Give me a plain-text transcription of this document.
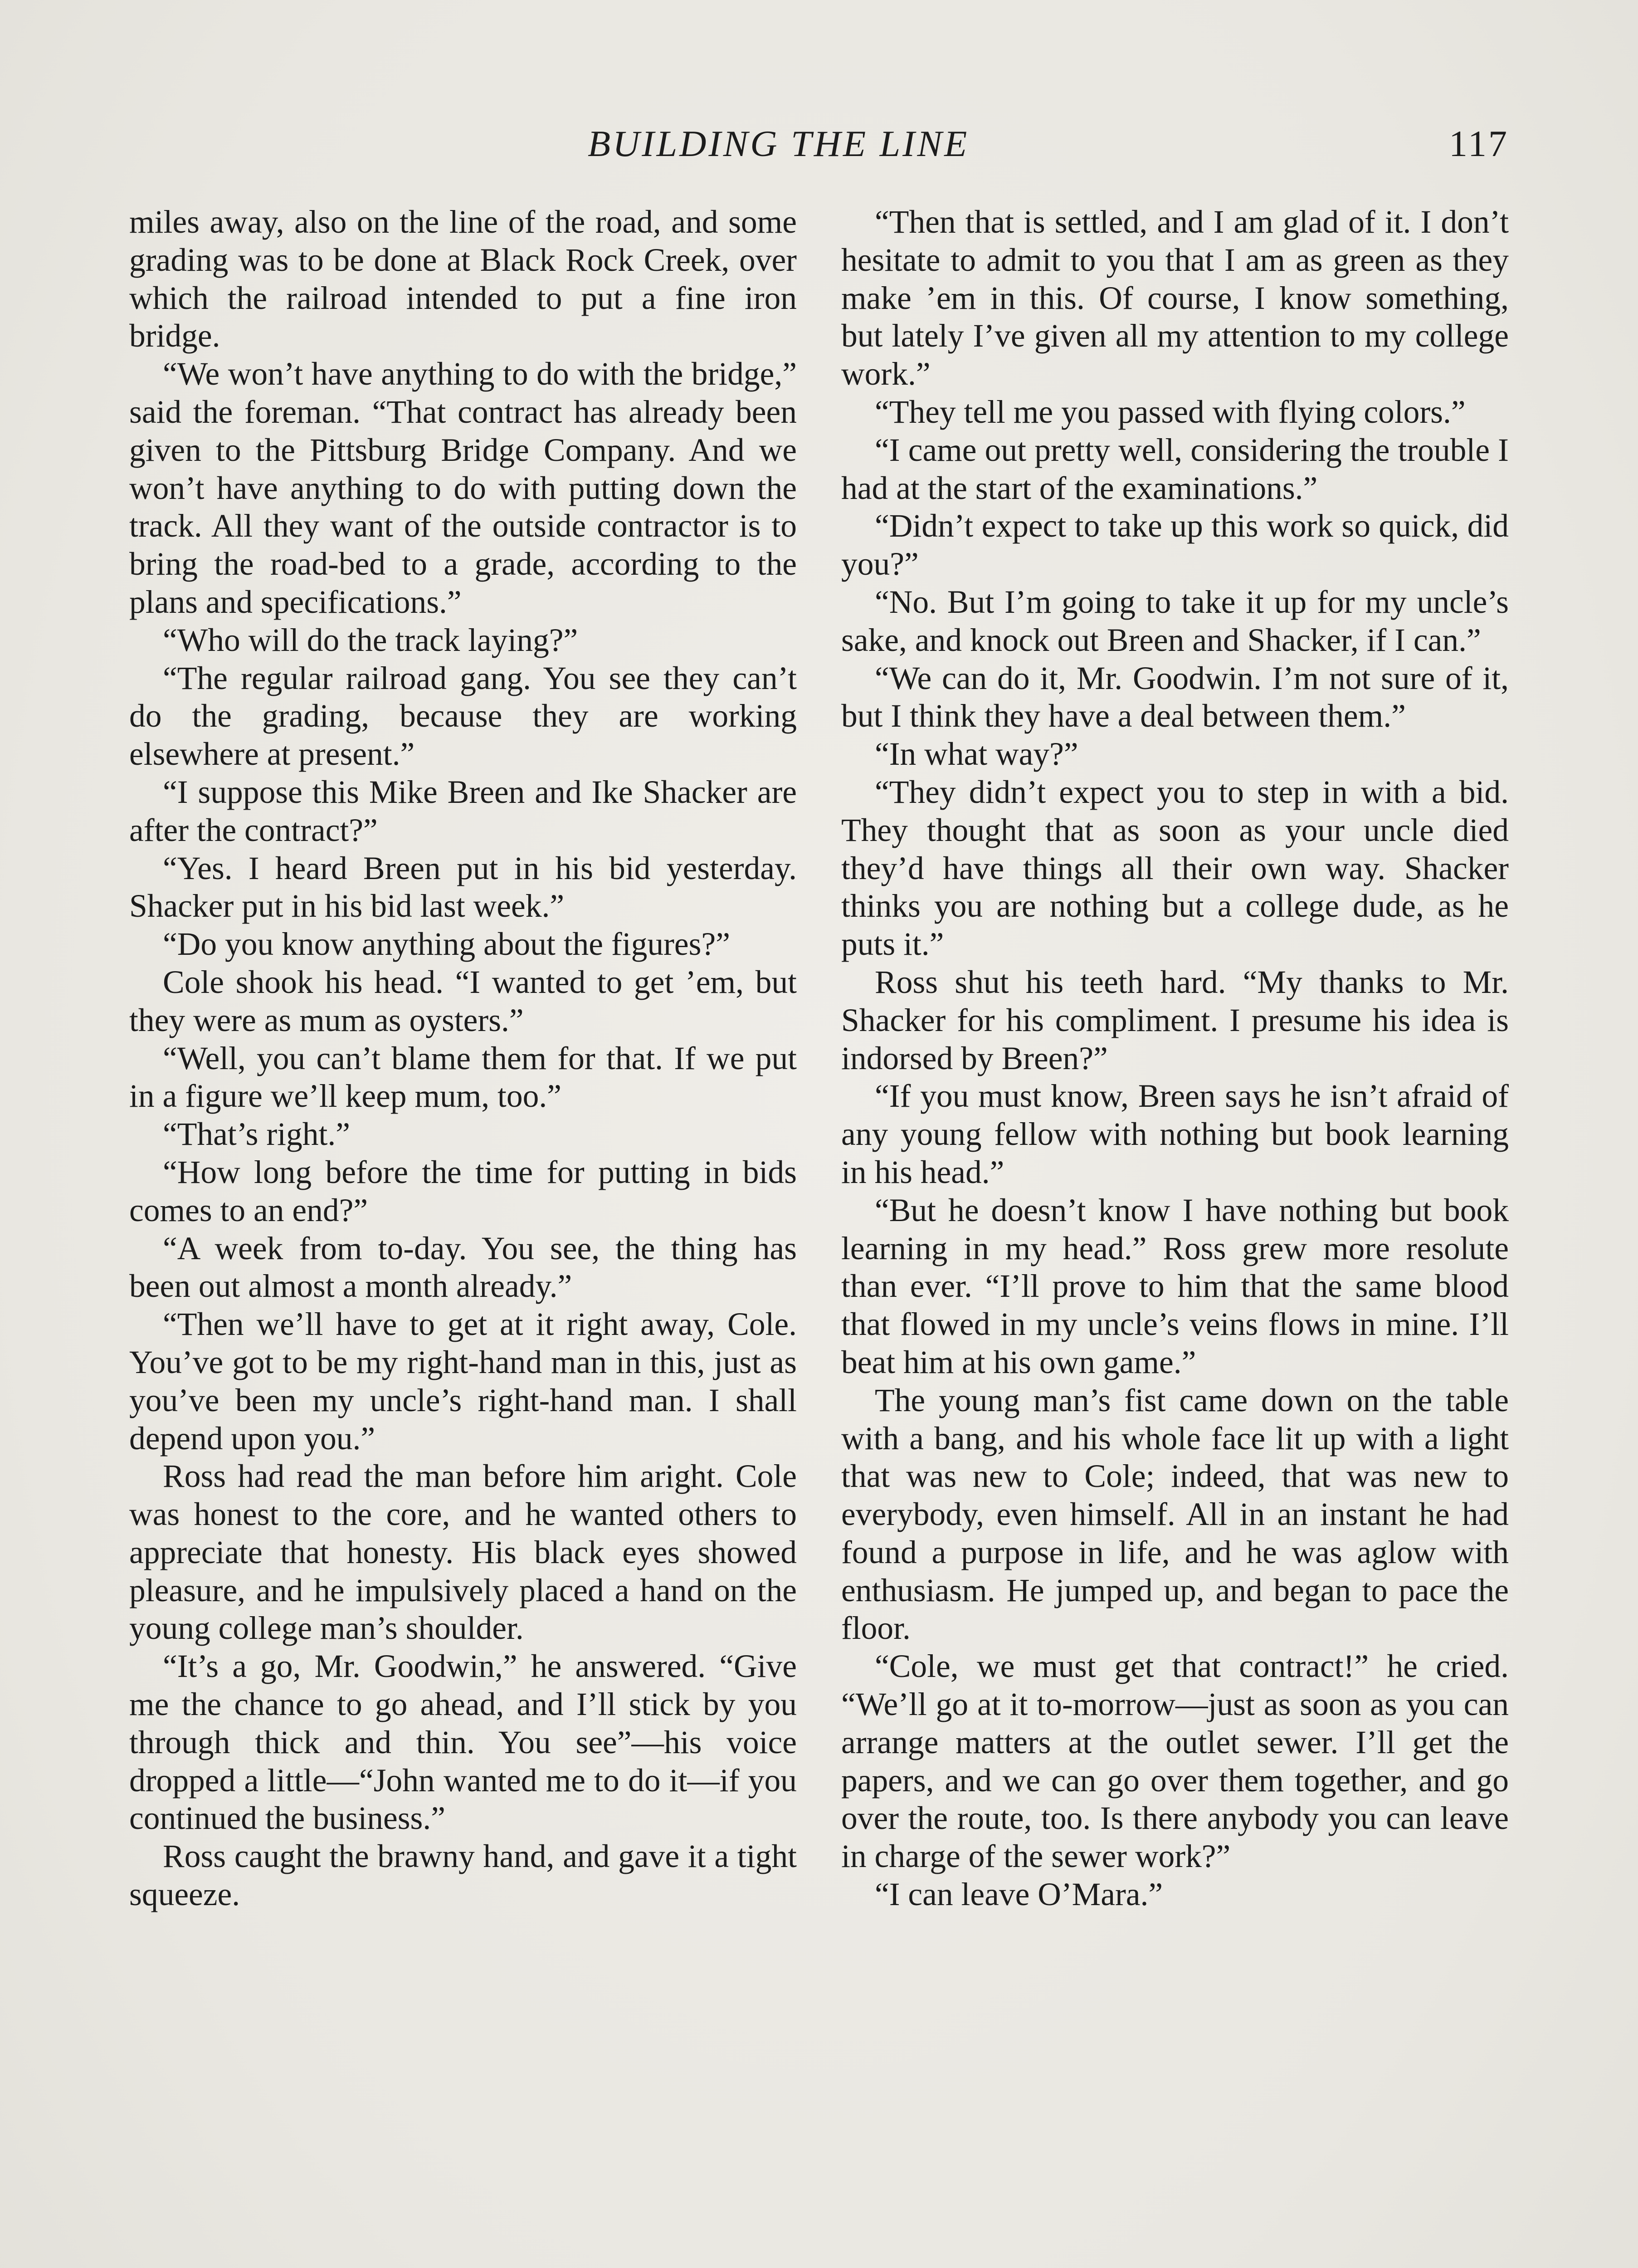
BUILDING THE LINE	117

miles away, also on the line of the road, and some grading was to be done at Black Rock Creek, over which the railroad intended to put a fine iron bridge.

“We won’t have anything to do with the bridge,” said the foreman. “That contract has already been given to the Pittsburg Bridge Company. And we won’t have anything to do with putting down the track. All they want of the outside contractor is to bring the road-bed to a grade, according to the plans and specifications.”

“Who will do the track laying?”

“The regular railroad gang. You see they can’t do the grading, because they are working elsewhere at present.”

“I suppose this Mike Breen and Ike Shacker are after the contract?”

“Yes. I heard Breen put in his bid yesterday. Shacker put in his bid last week.”

“Do you know anything about the figures?”

Cole shook his head. “I wanted to get ’em, but they were as mum as oysters.”

“Well, you can’t blame them for that. If we put in a figure we’ll keep mum, too.”

“That’s right.”

“How long before the time for putting in bids comes to an end?”

“A week from to-day. You see, the thing has been out almost a month already.”

“Then we’ll have to get at it right away, Cole. You’ve got to be my right-hand man in this, just as you’ve been my uncle’s right-hand man. I shall depend upon you.”

Ross had read the man before him aright. Cole was honest to the core, and he wanted others to appreciate that honesty. His black eyes showed pleasure, and he impulsively placed a hand on the young college man’s shoulder.

“It’s a go, Mr. Goodwin,” he answered. “Give me the chance to go ahead, and I’ll stick by you through thick and thin. You see”—his voice dropped a little—“John wanted me to do it—if you continued the business.”

Ross caught the brawny hand, and gave it a tight squeeze.

“Then that is settled, and I am glad of it. I don’t hesitate to admit to you that I am as green as they make ’em in this. Of course, I know something, but lately I’ve given all my attention to my college work.”

“They tell me you passed with flying colors.”

“I came out pretty well, considering the trouble I had at the start of the examinations.”

“Didn’t expect to take up this work so quick, did you?”

“No. But I’m going to take it up for my uncle’s sake, and knock out Breen and Shacker, if I can.”

“We can do it, Mr. Goodwin. I’m not sure of it, but I think they have a deal between them.”

“In what way?”

“They didn’t expect you to step in with a bid. They thought that as soon as your uncle died they’d have things all their own way. Shacker thinks you are nothing but a college dude, as he puts it.”

Ross shut his teeth hard. “My thanks to Mr. Shacker for his compliment. I presume his idea is indorsed by Breen?”

“If you must know, Breen says he isn’t afraid of any young fellow with nothing but book learning in his head.”

“But he doesn’t know I have nothing but book learning in my head.” Ross grew more resolute than ever. “I’ll prove to him that the same blood that flowed in my uncle’s veins flows in mine. I’ll beat him at his own game.”

The young man’s fist came down on the table with a bang, and his whole face lit up with a light that was new to Cole; indeed, that was new to everybody, even himself. All in an instant he had found a purpose in life, and he was aglow with enthusiasm. He jumped up, and began to pace the floor.

“Cole, we must get that contract!” he cried. “We’ll go at it to-morrow—just as soon as you can arrange matters at the outlet sewer. I’ll get the papers, and we can go over them together, and go over the route, too. Is there anybody you can leave in charge of the sewer work?”

“I can leave O’Mara.”
